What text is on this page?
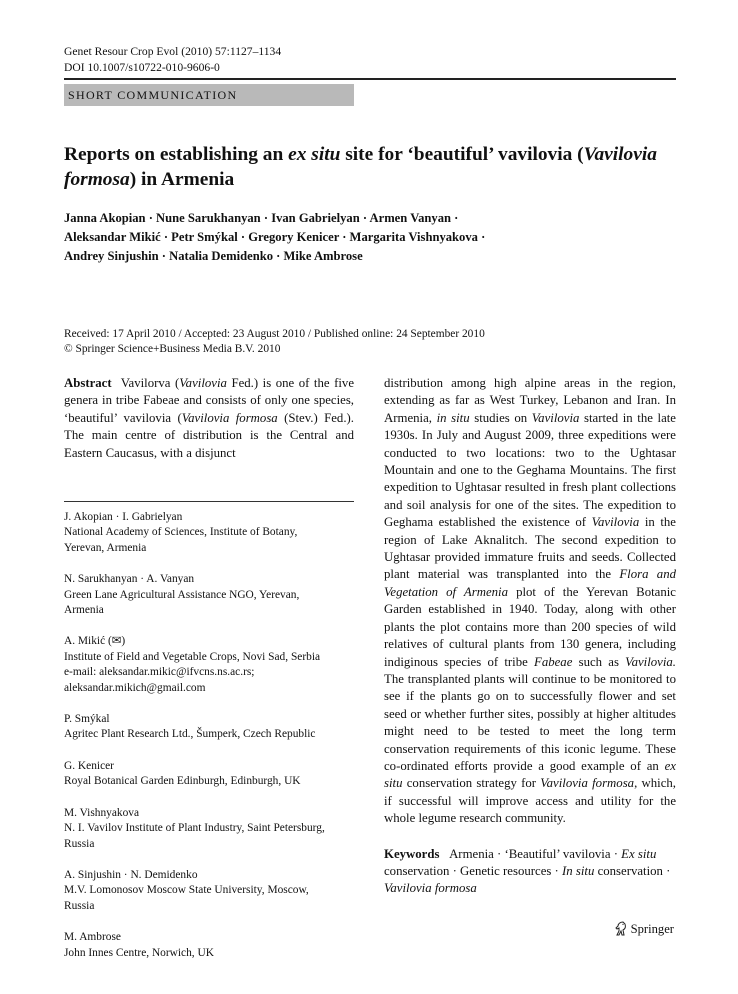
Genet Resour Crop Evol (2010) 57:1127–1134
DOI 10.1007/s10722-010-9606-0
SHORT COMMUNICATION
Reports on establishing an ex situ site for ‘beautiful’ vavilovia (Vavilovia formosa) in Armenia
Janna Akopian · Nune Sarukhanyan · Ivan Gabrielyan · Armen Vanyan ·
Aleksandar Mikić · Petr Smýkal · Gregory Kenicer · Margarita Vishnyakova ·
Andrey Sinjushin · Natalia Demidenko · Mike Ambrose
Received: 17 April 2010 / Accepted: 23 August 2010 / Published online: 24 September 2010
© Springer Science+Business Media B.V. 2010

Abstract Vavilorva (Vavilovia Fed.) is one of the five genera in tribe Fabeae and consists of only one species, ‘beautiful’ vavilovia (Vavilovia formosa (Stev.) Fed.). The main centre of distribution is the Central and Eastern Caucasus, with a disjunct

J. Akopian · I. Gabrielyan
National Academy of Sciences, Institute of Botany,
Yerevan, Armenia
N. Sarukhanyan · A. Vanyan
Green Lane Agricultural Assistance NGO, Yerevan,
Armenia
A. Mikić (✉)
Institute of Field and Vegetable Crops, Novi Sad, Serbia
e-mail: aleksandar.mikic@ifvcns.ns.ac.rs;
aleksandar.mikich@gmail.com
P. Smýkal
Agritec Plant Research Ltd., Šumperk, Czech Republic
G. Kenicer
Royal Botanical Garden Edinburgh, Edinburgh, UK
M. Vishnyakova
N. I. Vavilov Institute of Plant Industry, Saint Petersburg,
Russia
A. Sinjushin · N. Demidenko
M.V. Lomonosov Moscow State University, Moscow,
Russia
M. Ambrose
John Innes Centre, Norwich, UK

distribution among high alpine areas in the region, extending as far as West Turkey, Lebanon and Iran. In Armenia, in situ studies on Vavilovia started in the late 1930s. In July and August 2009, three expeditions were conducted to two locations: two to the Ughtasar Mountain and one to the Geghama Mountains. The first expedition to Ughtasar resulted in fresh plant collections and soil analysis for one of the sites. The expedition to Geghama established the existence of Vavilovia in the region of Lake Aknalitch. The second expedition to Ughtasar provided immature fruits and seeds. Collected plant material was transplanted into the Flora and Vegetation of Armenia plot of the Yerevan Botanic Garden established in 1940. Today, along with other plants the plot contains more than 200 species of wild relatives of cultural plants from 130 genera, including indiginous species of tribe Fabeae such as Vavilovia. The transplanted plants will continue to be monitored to see if the plants go on to successfully flower and set seed or whether further sites, possibly at higher altitudes might need to be tested to meet the long term conservation requirements of this iconic legume. These co-ordinated efforts provide a good example of an ex situ conservation strategy for Vavilovia formosa, which, if successful will improve access and utility for the whole legume research community.

Keywords Armenia · ‘Beautiful’ vavilovia · Ex situ conservation · Genetic resources · In situ conservation · Vavilovia formosa

Springer
